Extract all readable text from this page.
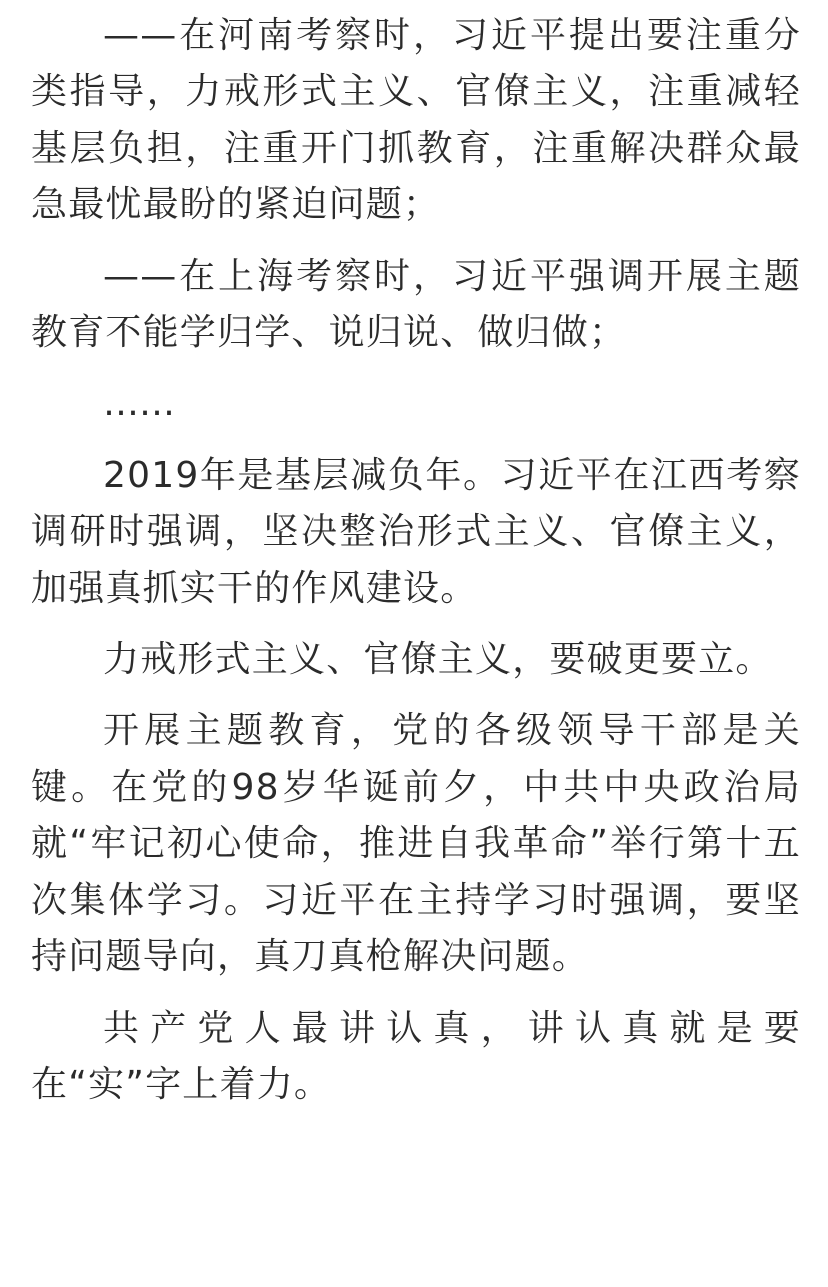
——在河南考察时，习近平提出要注重分类指导，力戒形式主义、官僚主义，注重减轻基层负担，注重开门抓教育，注重解决群众最急最忧最盼的紧迫问题；

——在上海考察时，习近平强调开展主题教育不能学归学、说归说、做归做；

……

2019年是基层减负年。习近平在江西考察调研时强调，坚决整治形式主义、官僚主义，加强真抓实干的作风建设。

力戒形式主义、官僚主义，要破更要立。

开展主题教育，党的各级领导干部是关键。在党的98岁华诞前夕，中共中央政治局就“牢记初心使命，推进自我革命”举行第十五次集体学习。习近平在主持学习时强调，要坚持问题导向，真刀真枪解决问题。

共产党人最讲认真，讲认真就是要在“实”字上着力。
